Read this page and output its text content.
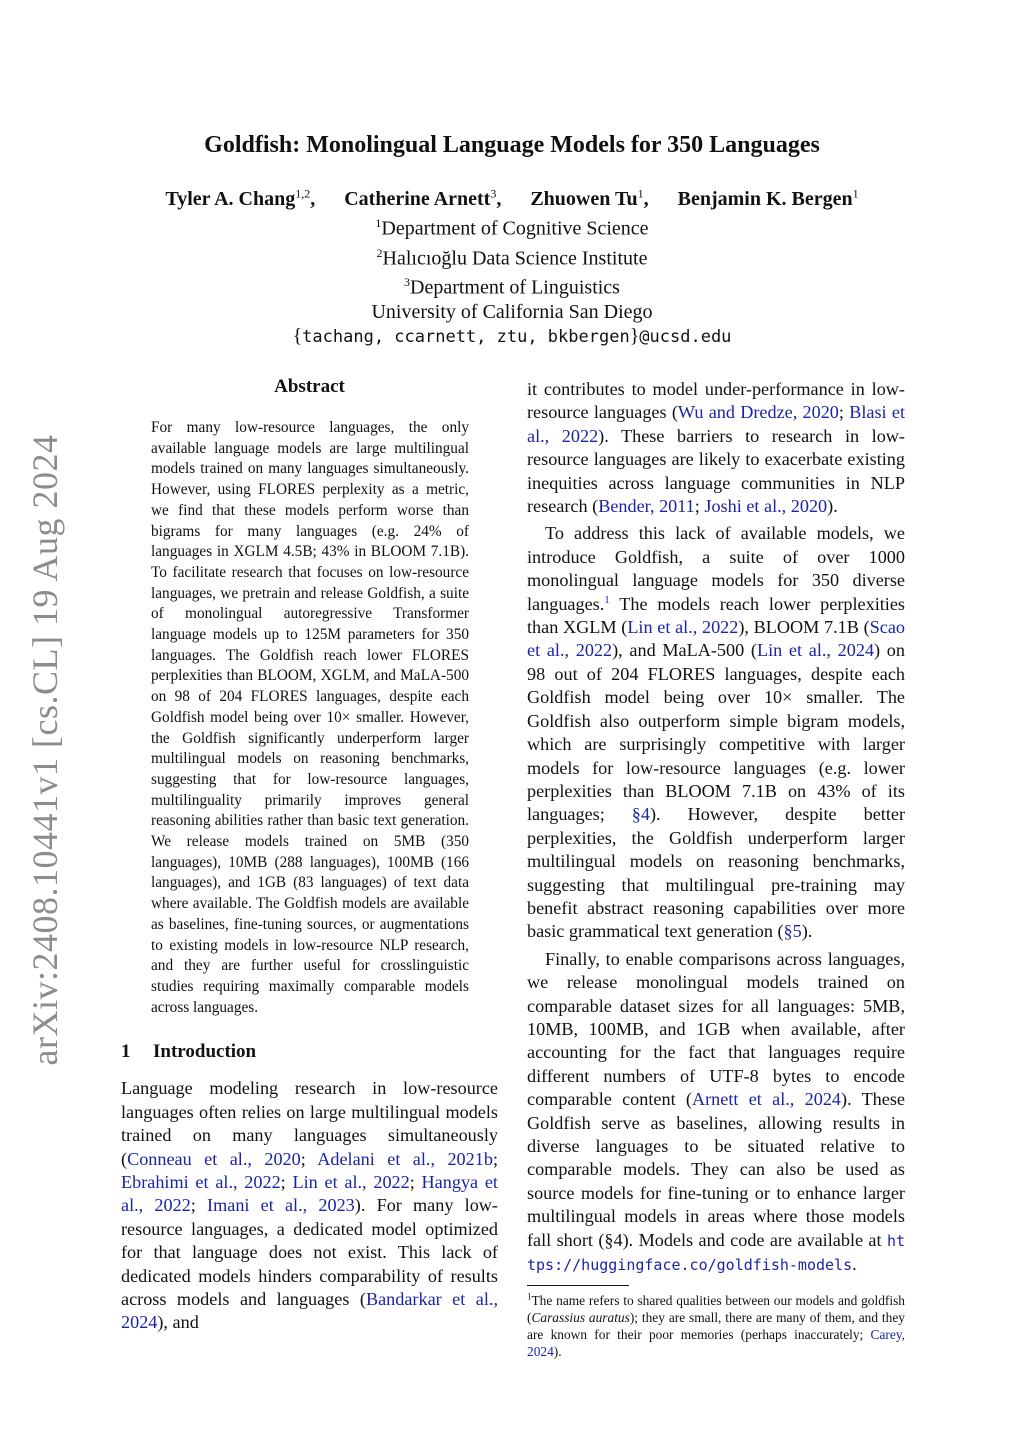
arXiv:2408.10441v1 [cs.CL] 19 Aug 2024
Goldfish: Monolingual Language Models for 350 Languages
Tyler A. Chang$^{1,2}$, Catherine Arnett$^3$, Zhuowen Tu$^1$, Benjamin K. Bergen$^1$
$^1$Department of Cognitive Science
$^2$Halıcıoğlu Data Science Institute
$^3$Department of Linguistics
University of California San Diego
{tachang, ccarnett, ztu, bkbergen}@ucsd.edu
Abstract

For many low-resource languages, the only available language models are large multilingual models trained on many languages simultaneously. However, using FLORES perplexity as a metric, we find that these models perform worse than bigrams for many languages (e.g. 24% of languages in XGLM 4.5B; 43% in BLOOM 7.1B). To facilitate research that focuses on low-resource languages, we pretrain and release Goldfish, a suite of monolingual autoregressive Transformer language models up to 125M parameters for 350 languages. The Goldfish reach lower FLORES perplexities than BLOOM, XGLM, and MaLA-500 on 98 of 204 FLORES languages, despite each Goldfish model being over 10× smaller. However, the Goldfish significantly underperform larger multilingual models on reasoning benchmarks, suggesting that for low-resource languages, multilinguality primarily improves general reasoning abilities rather than basic text generation. We release models trained on 5MB (350 languages), 10MB (288 languages), 100MB (166 languages), and 1GB (83 languages) of text data where available. The Goldfish models are available as baselines, fine-tuning sources, or augmentations to existing models in low-resource NLP research, and they are further useful for crosslinguistic studies requiring maximally comparable models across languages.

1 Introduction

Language modeling research in low-resource languages often relies on large multilingual models trained on many languages simultaneously (Conneau et al., 2020; Adelani et al., 2021b; Ebrahimi et al., 2022; Lin et al., 2022; Hangya et al., 2022; Imani et al., 2023). For many low-resource languages, a dedicated model optimized for that language does not exist. This lack of dedicated models hinders comparability of results across models and languages (Bandarkar et al., 2024), and

it contributes to model under-performance in low-resource languages (Wu and Dredze, 2020; Blasi et al., 2022). These barriers to research in low-resource languages are likely to exacerbate existing inequities across language communities in NLP research (Bender, 2011; Joshi et al., 2020).

To address this lack of available models, we introduce Goldfish, a suite of over 1000 monolingual language models for 350 diverse languages.$^1$ The models reach lower perplexities than XGLM (Lin et al., 2022), BLOOM 7.1B (Scao et al., 2022), and MaLA-500 (Lin et al., 2024) on 98 out of 204 FLORES languages, despite each Goldfish model being over 10× smaller. The Goldfish also outperform simple bigram models, which are surprisingly competitive with larger models for low-resource languages (e.g. lower perplexities than BLOOM 7.1B on 43% of its languages; §4). However, despite better perplexities, the Goldfish underperform larger multilingual models on reasoning benchmarks, suggesting that multilingual pre-training may benefit abstract reasoning capabilities over more basic grammatical text generation (§5).

Finally, to enable comparisons across languages, we release monolingual models trained on comparable dataset sizes for all languages: 5MB, 10MB, 100MB, and 1GB when available, after accounting for the fact that languages require different numbers of UTF-8 bytes to encode comparable content (Arnett et al., 2024). These Goldfish serve as baselines, allowing results in diverse languages to be situated relative to comparable models. They can also be used as source models for fine-tuning or to enhance larger multilingual models in areas where those models fall short (§4). Models and code are available at https://huggingface.co/goldfish-models.

$^1$The name refers to shared qualities between our models and goldfish (Carassius auratus); they are small, there are many of them, and they are known for their poor memories (perhaps inaccurately; Carey, 2024).
